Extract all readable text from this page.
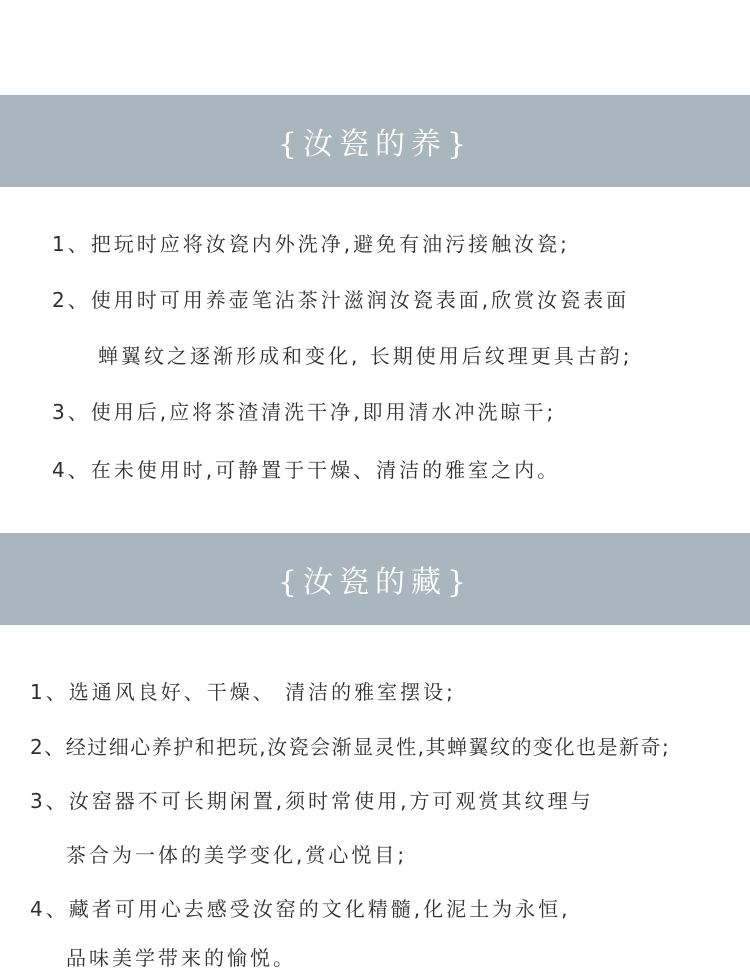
{汝瓷的养}
1、把玩时应将汝瓷内外洗净,避免有油污接触汝瓷;
2、使用时可用养壶笔沾茶汁滋润汝瓷表面,欣赏汝瓷表面
蝉翼纹之逐渐形成和变化, 长期使用后纹理更具古韵;
3、使用后,应将茶渣清洗干净,即用清水冲洗晾干;
4、在未使用时,可静置于干燥、清洁的雅室之内。
{汝瓷的藏}
1、选通风良好、干燥、 清洁的雅室摆设;
2、经过细心养护和把玩,汝瓷会渐显灵性,其蝉翼纹的变化也是新奇;
3、汝窑器不可长期闲置,须时常使用,方可观赏其纹理与
茶合为一体的美学变化,赏心悦目;
4、藏者可用心去感受汝窑的文化精髓,化泥土为永恒,
品味美学带来的愉悦。
